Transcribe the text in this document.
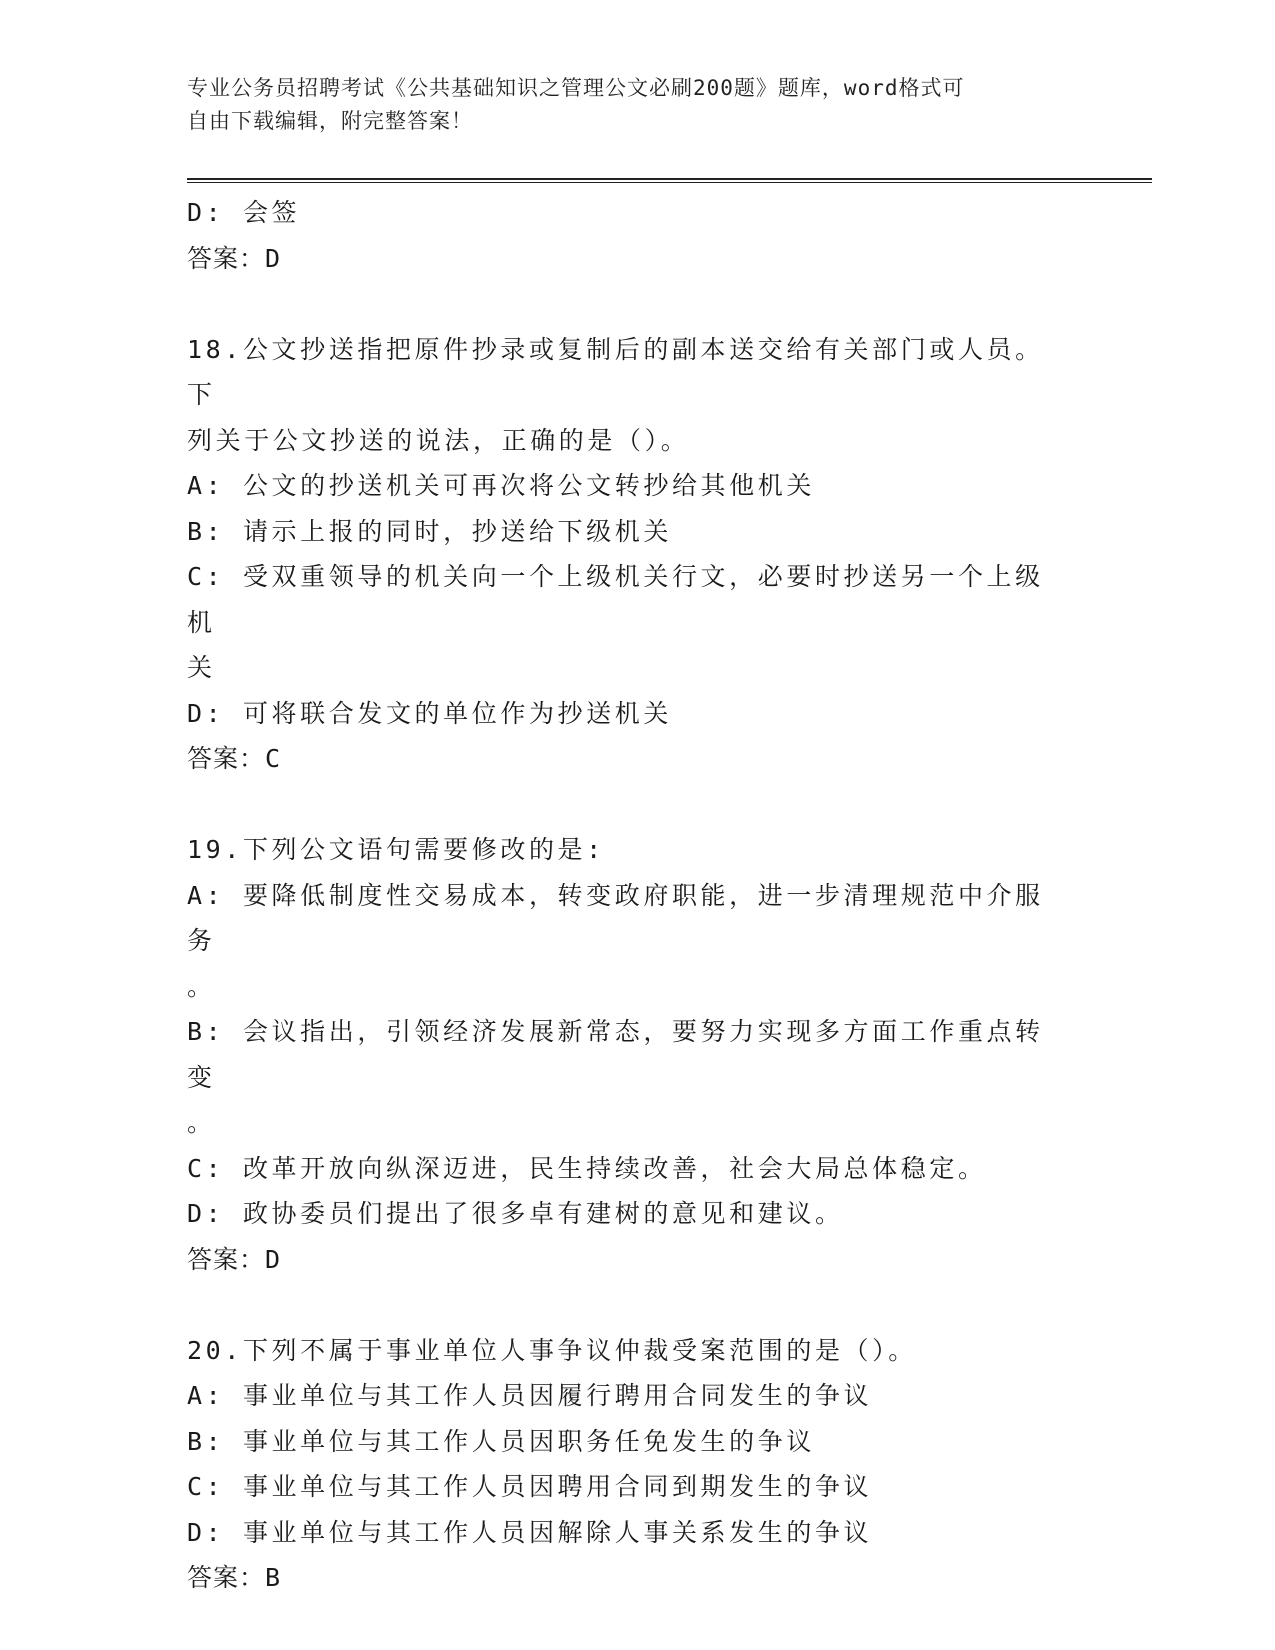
专业公务员招聘考试《公共基础知识之管理公文必刷200题》题库，word格式可
自由下载编辑，附完整答案！

D: 会签

答案：D

18.公文抄送指把原件抄录或复制后的副本送交给有关部门或人员。下

列关于公文抄送的说法，正确的是（）。

A: 公文的抄送机关可再次将公文转抄给其他机关

B: 请示上报的同时，抄送给下级机关

C: 受双重领导的机关向一个上级机关行文，必要时抄送另一个上级机

关

D: 可将联合发文的单位作为抄送机关

答案：C

19.下列公文语句需要修改的是:

A: 要降低制度性交易成本，转变政府职能，进一步清理规范中介服务

。

B: 会议指出，引领经济发展新常态，要努力实现多方面工作重点转变

。

C: 改革开放向纵深迈进，民生持续改善，社会大局总体稳定。

D: 政协委员们提出了很多卓有建树的意见和建议。

答案：D

20.下列不属于事业单位人事争议仲裁受案范围的是（）。

A: 事业单位与其工作人员因履行聘用合同发生的争议

B: 事业单位与其工作人员因职务任免发生的争议

C: 事业单位与其工作人员因聘用合同到期发生的争议

D: 事业单位与其工作人员因解除人事关系发生的争议

答案：B
